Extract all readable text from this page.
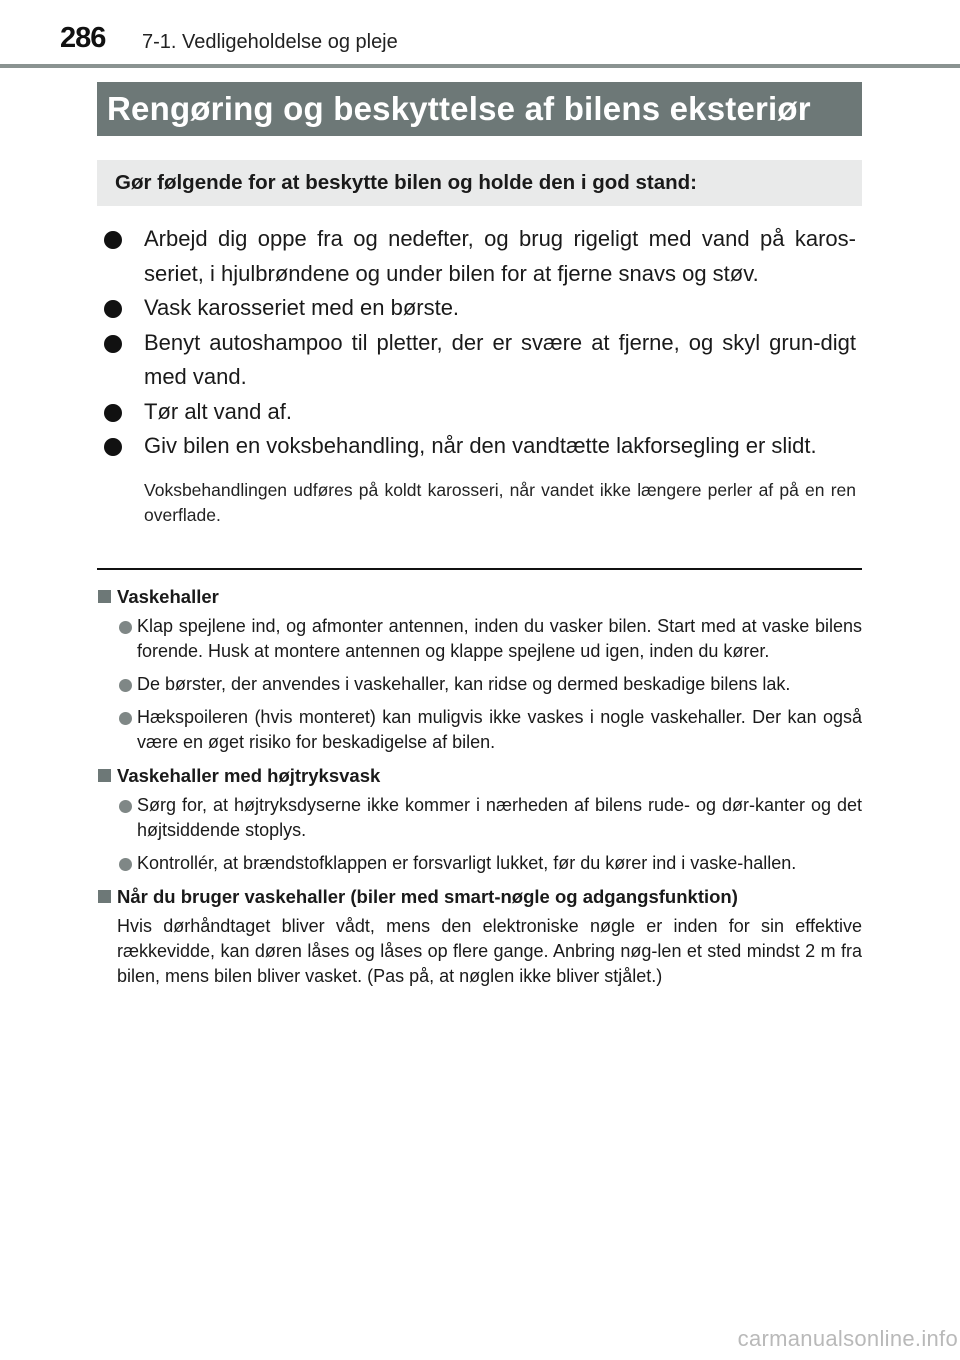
286 7-1. Vedligeholdelse og pleje
Rengøring og beskyttelse af bilens eksteriør
Gør følgende for at beskytte bilen og holde den i god stand:
Arbejd dig oppe fra og nedefter, og brug rigeligt med vand på karos-seriet, i hjulbrøndene og under bilen for at fjerne snavs og støv.
Vask karosseriet med en børste.
Benyt autoshampoo til pletter, der er svære at fjerne, og skyl grun-digt med vand.
Tør alt vand af.
Giv bilen en voksbehandling, når den vandtætte lakforsegling er slidt.
Voksbehandlingen udføres på koldt karosseri, når vandet ikke længere perler af på en ren overflade.
Vaskehaller
Klap spejlene ind, og afmonter antennen, inden du vasker bilen. Start med at vaske bilens forende. Husk at montere antennen og klappe spejlene ud igen, inden du kører.
De børster, der anvendes i vaskehaller, kan ridse og dermed beskadige bilens lak.
Hækspoileren (hvis monteret) kan muligvis ikke vaskes i nogle vaskehaller. Der kan også være en øget risiko for beskadigelse af bilen.
Vaskehaller med højtryksvask
Sørg for, at højtryksdyserne ikke kommer i nærheden af bilens rude- og dør-kanter og det højtsiddende stoplys.
Kontrollér, at brændstofklappen er forsvarligt lukket, før du kører ind i vaske-hallen.
Når du bruger vaskehaller (biler med smart-nøgle og adgangsfunktion)
Hvis dørhåndtaget bliver vådt, mens den elektroniske nøgle er inden for sin effektive rækkevidde, kan døren låses og låses op flere gange. Anbring nøg-len et sted mindst 2 m fra bilen, mens bilen bliver vasket. (Pas på, at nøglen ikke bliver stjålet.)
carmanualsonline.info
